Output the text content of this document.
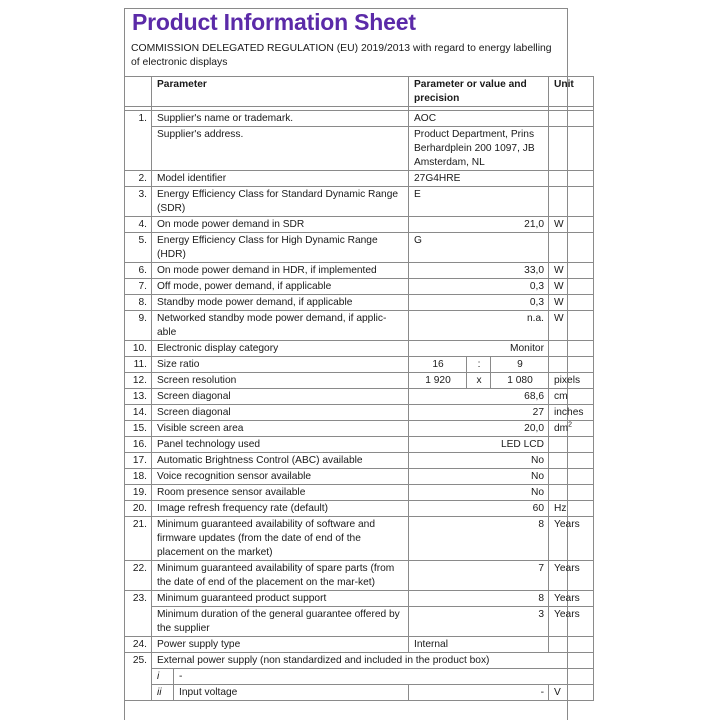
Product Information Sheet
COMMISSION DELEGATED REGULATION (EU) 2019/2013 with regard to energy labelling of electronic displays
	Parameter		Parameter or value and precision			Unit

1.	Supplier's name or trademark.		AOC			
	Supplier's address.		Product Department, Prins Berhardplein 200 1097, JB Amsterdam, NL			
2.	Model identifier		27G4HRE			
3.	Energy Efficiency Class for Standard Dynamic Range (SDR)		E			
4.	On mode power demand in SDR		21,0			W
5.	Energy Efficiency Class for High Dynamic Range (HDR)		G			
6.	On mode power demand in HDR, if implemented		33,0			W
7.	Off mode, power demand, if applicable		0,3			W
8.	Standby mode power demand, if applicable		0,3			W
9.	Networked standby mode power demand, if applic-able		n.a.			W
10.	Electronic display category		Monitor			
11.	Size ratio		16	:	9	
12.	Screen resolution		1 920	x	1 080	pixels
13.	Screen diagonal		68,6			cm
14.	Screen diagonal		27			inches
15.	Visible screen area		20,0			$dm^2$
16.	Panel technology used		LED LCD			
17.	Automatic Brightness Control (ABC) available		No			
18.	Voice recognition sensor available		No			
19.	Room presence sensor available		No			
20.	Image refresh frequency rate (default)		60			Hz
21.	Minimum guaranteed availability of software and firmware updates (from the date of end of the placement on the market)		8			Years
22.	Minimum guaranteed availability of spare parts (from the date of end of the placement on the mar-ket)		7			Years
23.	Minimum guaranteed product support		8			Years
	Minimum duration of the general guarantee offered by the supplier		3			Years
24.	Power supply type		Internal			
25.	External power supply (non standardized and included in the product box)					
	i	-				
	ii	Input voltage	-			V
